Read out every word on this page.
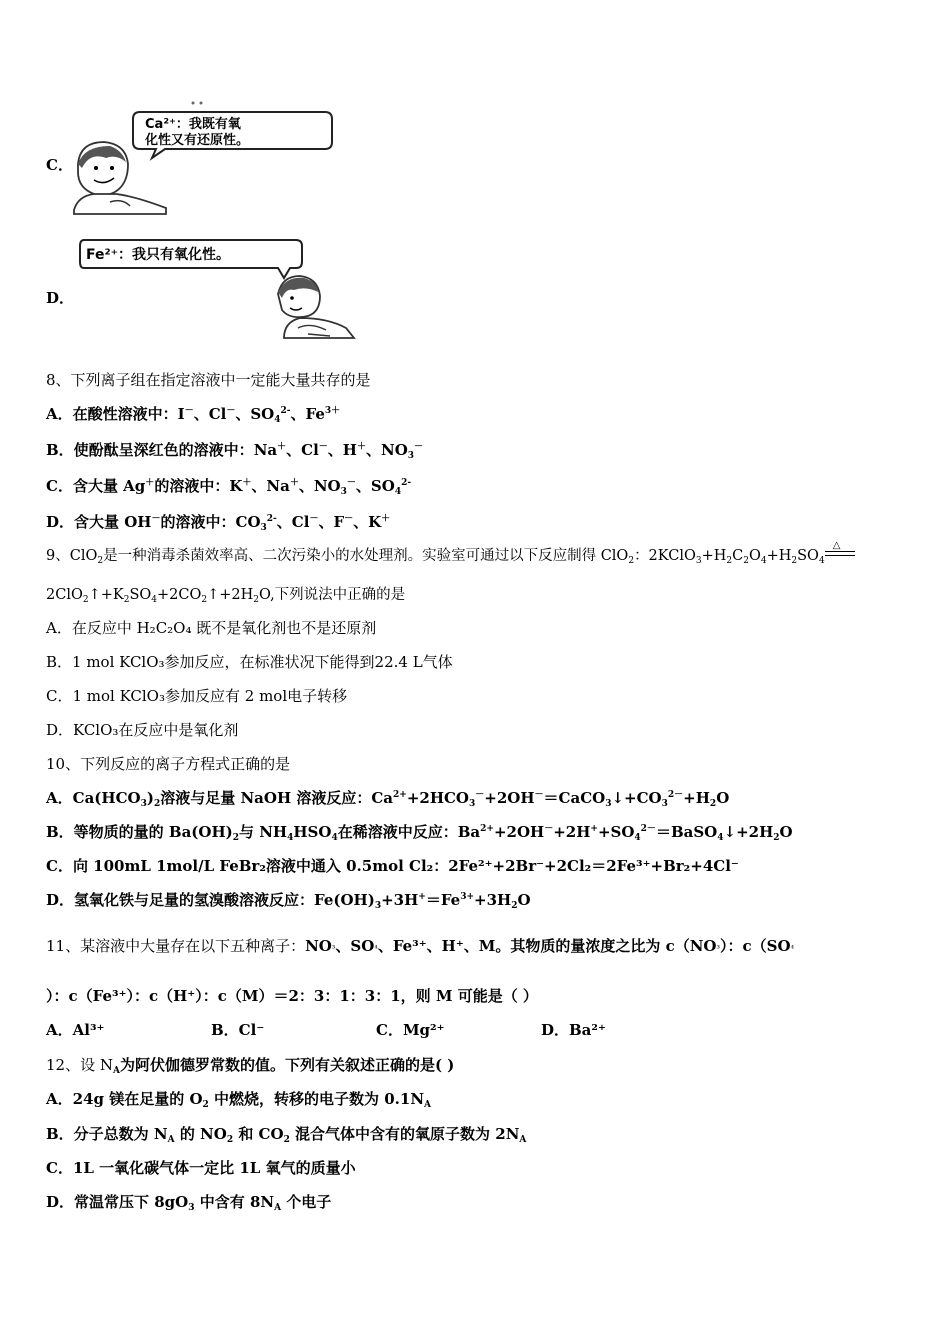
C．
Ca²⁺：我既有氧
化性又有还原性。
D．
Fe²⁺：我只有氧化性。
8、下列离子组在指定溶液中一定能大量共存的是
A．在酸性溶液中：I－、Cl－、$SO_4^{2-}$、$Fe^{3+}$
B．使酚酞呈深红色的溶液中：Na＋、Cl－、H＋、$NO_3^-$
C．含大量 Ag＋的溶液中：K＋、Na＋、$NO_3^-$、$SO_4^{2-}$
D．含大量 OH－的溶液中：$CO_3^{2-}$、Cl－、F－、K＋
9、ClO$_2$是一种消毒杀菌效率高、二次污染小的水处理剂。实验室可通过以下反应制得 ClO$_2$：$2KClO_3+H_2C_2O_4+H_2SO_4$
△
$2ClO_2↑+K_2SO_4+2CO_2↑+2H_2O$,下列说法中正确的是
A．在反应中 H₂C₂O₄ 既不是氧化剂也不是还原剂
B．1 mol KClO₃参加反应，在标准状况下能得到22.4 L气体
C．1 mol KClO₃参加反应有 2 mol电子转移
D．KClO₃在反应中是氧化剂
10、下列反应的离子方程式正确的是
A．$Ca(HCO_3)_2$溶液与足量 NaOH 溶液反应：$Ca^{2+}+2HCO_3^-+2OH^-=CaCO_3↓+CO_3^{2-}+H_2O$
B．等物质的量的 $Ba(OH)_2$与 $NH_4HSO_4$在稀溶液中反应：$Ba^{2+}+2OH^-+2H^++SO_4^{2-}=BaSO_4↓+2H_2O$
C．向 100mL 1mol/L FeBr₂溶液中通入 0.5mol Cl₂：2Fe²⁺+2Br⁻+2Cl₂＝2Fe³⁺+Br₂+4Cl⁻
D．氢氧化铁与足量的氢溴酸溶液反应：$Fe(OH)_3+3H^+=Fe^{3+}+3H_2O$
11、某溶液中大量存在以下五种离子：NO³、SO⁴、Fe³⁺、H⁺、M。其物质的量浓度之比为 c（NO³）：c（SO⁴
）：c（Fe³⁺）：c（H⁺）：c（M）＝2：3：1：3：1，则 M 可能是（ ）
A．Al³⁺	B．Cl⁻	C．Mg²⁺	D．Ba²⁺
12、设 $N_A$为阿伏伽德罗常数的值。下列有关叙述正确的是( )
A．24g 镁在足量的 $O_2$ 中燃烧，转移的电子数为 $0.1N_A$
B．分子总数为 $N_A$ 的 $NO_2$ 和 $CO_2$ 混合气体中含有的氧原子数为 $2N_A$
C．1L 一氧化碳气体一定比 1L 氧气的质量小
D．常温常压下 $8gO_3$ 中含有 $8N_A$ 个电子
